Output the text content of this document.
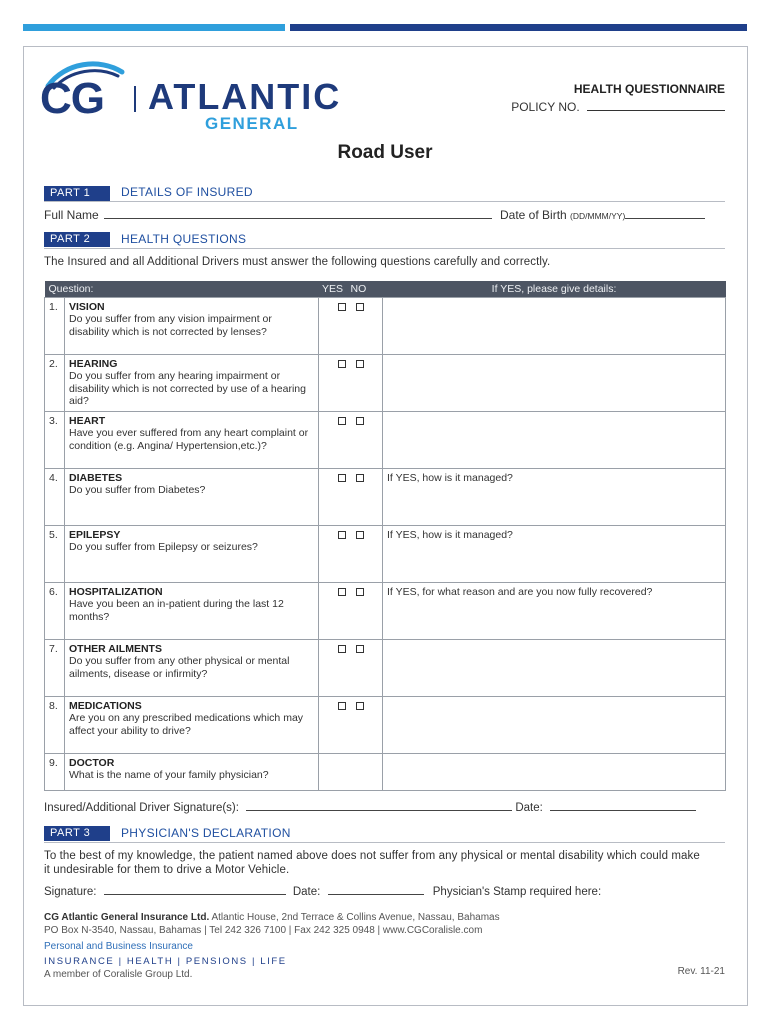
CG ATLANTIC
GENERAL
HEALTH QUESTIONNAIRE
POLICY NO.
Road User
PART 1	DETAILS OF INSURED
Full Name	Date of Birth (DD/MMM/YY)
PART 2	HEALTH QUESTIONS
The Insured and all Additional Drivers must answer the following questions carefully and correctly.
Question:		YES	NO	If YES, please give details:
1.	VISION
Do you suffer from any vision impairment or disability which is not corrected by lenses?			

2.	HEARING
Do you suffer from any hearing impairment or disability which is not corrected by use of a hearing aid?			

3.	HEART
Have you ever suffered from any heart complaint or condition (e.g. Angina/ Hypertension,etc.)?			

4.	DIABETES
Do you suffer from Diabetes?			If YES, how is it managed?
5.	EPILEPSY
Do you suffer from Epilepsy or seizures?			If YES, how is it managed?
6.	HOSPITALIZATION
Have you been an in-patient during the last 12 months?			If YES, for what reason and are you now fully recovered?
7.	OTHER AILMENTS
Do you suffer from any other physical or mental ailments, disease or infirmity?			

8.	MEDICATIONS
Are you on any prescribed medications which may affect your ability to drive?			

9.	DOCTOR
What is the name of your family physician?			

Insured/Additional Driver Signature(s):	Date:
PART 3	PHYSICIAN'S DECLARATION
To the best of my knowledge, the patient named above does not suffer from any physical or mental disability which could make it undesirable for them to drive a Motor Vehicle.
Signature:	Date:	Physician's Stamp required here:
CG Atlantic General Insurance Ltd. Atlantic House, 2nd Terrace & Collins Avenue, Nassau, Bahamas
PO Box N-3540, Nassau, Bahamas | Tel 242 326 7100 | Fax 242 325 0948 | www.CGCoralisle.com
Personal and Business Insurance
INSURANCE | HEALTH | PENSIONS | LIFE
A member of Coralisle Group Ltd.	Rev. 11-21
